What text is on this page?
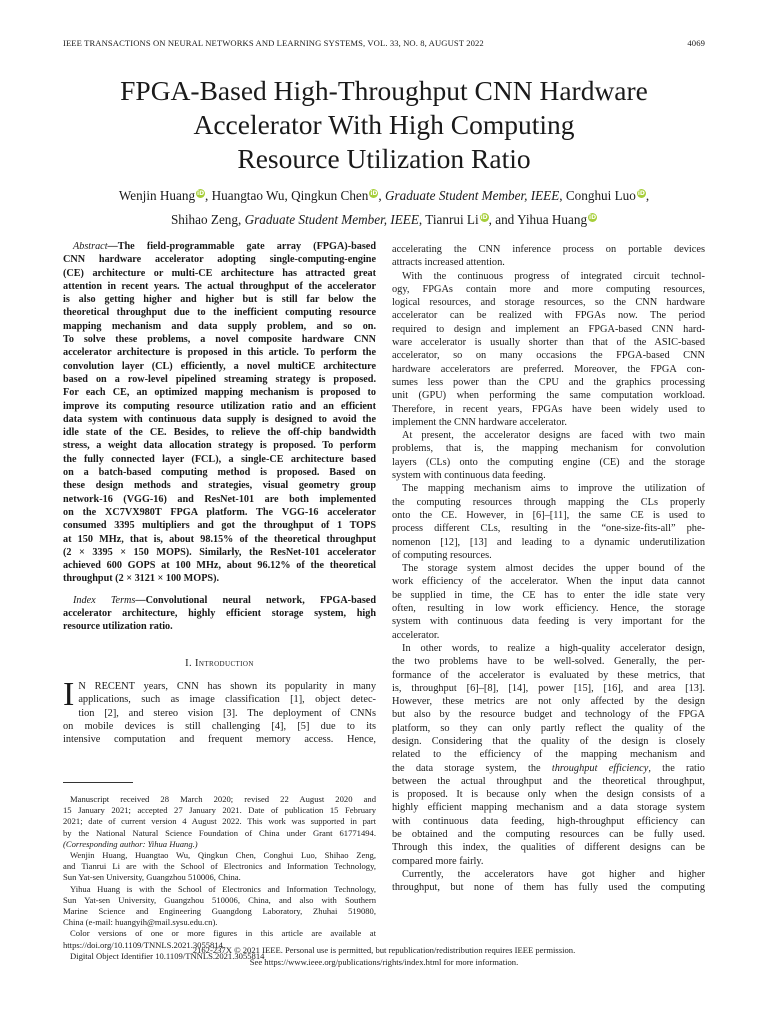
IEEE TRANSACTIONS ON NEURAL NETWORKS AND LEARNING SYSTEMS, VOL. 33, NO. 8, AUGUST 2022	4069
FPGA-Based High-Throughput CNN Hardware
Accelerator With High Computing
Resource Utilization Ratio
Wenjin Huang iD, Huangtao Wu, Qingkun Chen iD, Graduate Student Member, IEEE, Conghui Luo iD,
Shihao Zeng, Graduate Student Member, IEEE, Tianrui Li iD, and Yihua Huang iD
Abstract—The field-programmable gate array (FPGA)-based
CNN hardware accelerator adopting single-computing-engine
(CE) architecture or multi-CE architecture has attracted great
attention in recent years. The actual throughput of the accelerator
is also getting higher and higher but is still far below the
theoretical throughput due to the inefficient computing resource
mapping mechanism and data supply problem, and so on.
To solve these problems, a novel composite hardware CNN
accelerator architecture is proposed in this article. To perform the
convolution layer (CL) efficiently, a novel multiCE architecture
based on a row-level pipelined streaming strategy is proposed.
For each CE, an optimized mapping mechanism is proposed to
improve its computing resource utilization ratio and an efficient
data system with continuous data supply is designed to avoid the
idle state of the CE. Besides, to relieve the off-chip bandwidth
stress, a weight data allocation strategy is proposed. To perform
the fully connected layer (FCL), a single-CE architecture based
on a batch-based computing method is proposed. Based on
these design methods and strategies, visual geometry group
network-16 (VGG-16) and ResNet-101 are both implemented
on the XC7VX980T FPGA platform. The VGG-16 accelerator
consumed 3395 multipliers and got the throughput of 1 TOPS
at 150 MHz, that is, about 98.15% of the theoretical throughput
(2 × 3395 × 150 MOPS). Similarly, the ResNet-101 accelerator
achieved 600 GOPS at 100 MHz, about 96.12% of the theoretical
throughput (2 × 3121 × 100 MOPS).
Index Terms—Convolutional neural network, FPGA-based
accelerator architecture, highly efficient storage system, high
resource utilization ratio.
I. Introduction
I N RECENT years, CNN has shown its popularity in many
applications, such as image classification [1], object detec-
tion [2], and stereo vision [3]. The deployment of CNNs
on mobile devices is still challenging [4], [5] due to its
intensive computation and frequent memory access. Hence,
Manuscript received 28 March 2020; revised 22 August 2020 and
15 January 2021; accepted 27 January 2021. Date of publication 15 February
2021; date of current version 4 August 2022. This work was supported in part
by the National Natural Science Foundation of China under Grant 61771494.
(Corresponding author: Yihua Huang.)
Wenjin Huang, Huangtao Wu, Qingkun Chen, Conghui Luo, Shihao Zeng,
and Tianrui Li are with the School of Electronics and Information Technology,
Sun Yat-sen University, Guangzhou 510006, China.
Yihua Huang is with the School of Electronics and Information Technology,
Sun Yat-sen University, Guangzhou 510006, China, and also with Southern
Marine Science and Engineering Guangdong Laboratory, Zhuhai 519080,
China (e-mail: huangyih@mail.sysu.edu.cn).
Color versions of one or more figures in this article are available at
https://doi.org/10.1109/TNNLS.2021.3055814.
Digital Object Identifier 10.1109/TNNLS.2021.3055814
accelerating the CNN inference process on portable devices
attracts increased attention.
With the continuous progress of integrated circuit technol-
ogy, FPGAs contain more and more computing resources,
logical resources, and storage resources, so the CNN hardware
accelerator can be realized with FPGAs now. The period
required to design and implement an FPGA-based CNN hard-
ware accelerator is usually shorter than that of the ASIC-based
accelerator, so on many occasions the FPGA-based CNN
hardware accelerators are preferred. Moreover, the FPGA con-
sumes less power than the CPU and the graphics processing
unit (GPU) when performing the same computation workload.
Therefore, in recent years, FPGAs have been widely used to
implement the CNN hardware accelerator.
At present, the accelerator designs are faced with two main
problems, that is, the mapping mechanism for convolution
layers (CLs) onto the computing engine (CE) and the storage
system with continuous data feeding.
The mapping mechanism aims to improve the utilization of
the computing resources through mapping the CLs properly
onto the CE. However, in [6]–[11], the same CE is used to
process different CLs, resulting in the “one-size-fits-all” phe-
nomenon [12], [13] and leading to a dynamic underutilization
of computing resources.
The storage system almost decides the upper bound of the
work efficiency of the accelerator. When the input data cannot
be supplied in time, the CE has to enter the idle state very
often, resulting in low work efficiency. Hence, the storage
system with continuous data feeding is very important for the
accelerator.
In other words, to realize a high-quality accelerator design,
the two problems have to be well-solved. Generally, the per-
formance of the accelerator is evaluated by these metrics, that
is, throughput [6]–[8], [14], power [15], [16], and area [13].
However, these metrics are not only affected by the design
but also by the resource budget and technology of the FPGA
platform, so they can only partly reflect the quality of the
design. Considering that the quality of the design is closely
related to the efficiency of the mapping mechanism and
the data storage system, the throughput efficiency, the ratio
between the actual throughput and the theoretical throughput,
is proposed. It is because only when the design consists of a
highly efficient mapping mechanism and a data storage system
with continuous data feeding, high-throughput efficiency can
be obtained and the computing resources can be fully used.
Through this index, the qualities of different designs can be
compared more fairly.
Currently, the accelerators have got higher and higher
throughput, but none of them has fully used the computing
2162-237X © 2021 IEEE. Personal use is permitted, but republication/redistribution requires IEEE permission.
See https://www.ieee.org/publications/rights/index.html for more information.
